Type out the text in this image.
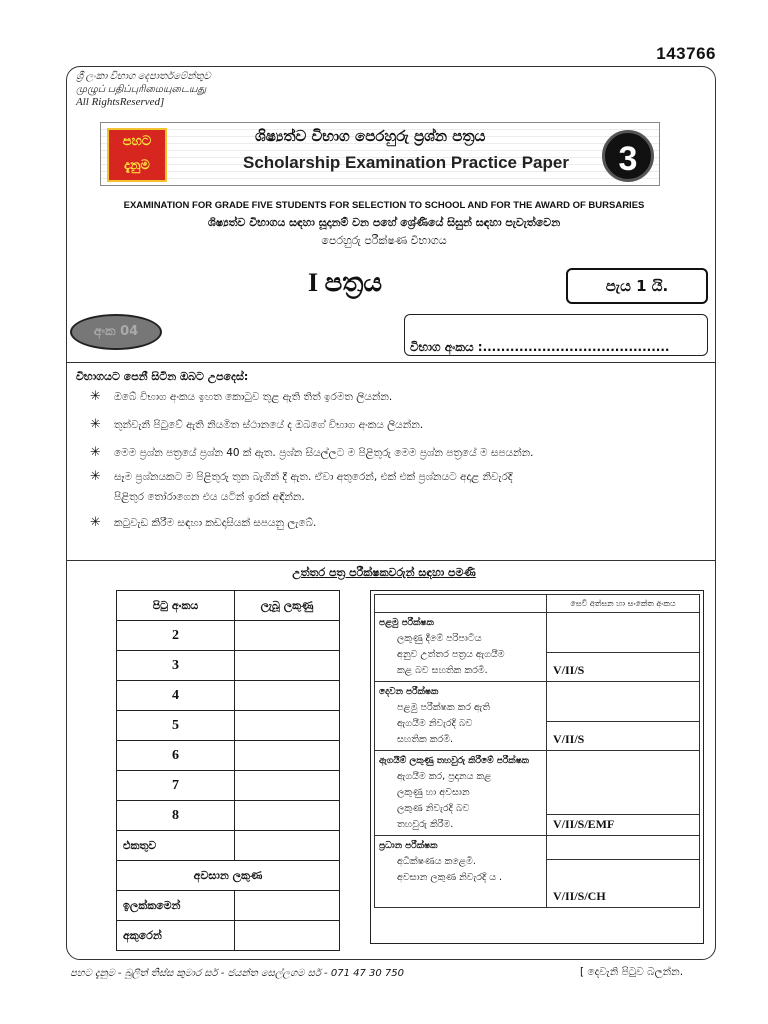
143766
ශ්‍රී ලංකා විභාග දෙපාර්තමේන්තුව
முழுப் பதிப்புரிமையுடையது
All RightsReserved]
පහට දැනුම
ශිෂ්‍යත්ව විභාග පෙරහුරු ප්‍රශ්න පත්‍රය
Scholarship Examination Practice Paper	3
EXAMINATION FOR GRADE FIVE STUDENTS FOR SELECTION TO SCHOOL AND FOR THE AWARD OF BURSARIES
ශිෂ්‍යත්ව විභාගය සඳහා සූදානම් වන පහේ ශ්‍රේණියේ සිසුන් සඳහා පැවැත්වෙන
පෙරහුරු පරීක්ෂණ විභාගය
I පත්‍රය	පැය 1 යි.
අංක 04
විභාග අංකය :.........................................
විභාගයට පෙනී සිටින ඔබට උපදෙස්:
✳ ඔබේ විභාග අංකය ඉහත කොටුව තුළ ඇති තිත් ඉරමත ලියන්න.
✳ තුන්වැනි පිටුවේ ඇති නියමිත ස්ථානයේ ද ඔබගේ විභාග අංකය ලියන්න.
✳ මෙම ප්‍රශ්න පත්‍රයේ ප්‍රශ්න 40 ක් ඇත. ප්‍රශ්න සියල්ලට ම පිළිතුරු මෙම ප්‍රශ්න පත්‍රයේ ම සපයන්න.
✳ සෑම ප්‍රශ්නයකට ම පිළිතුරු තුන බැගින් දී ඇත. ඒවා අතුරෙන්, එක් එක් ප්‍රශ්නයට අදාළ නිවැරදි
පිළිතුර තෝරාගෙන එය යටින් ඉරක් අඳින්න.
✳ කටුවැඩ කිරීම සඳහා කඩදාසියක් සපයනු ලැබේ.
උත්තර පත්‍ර පරීක්ෂකවරුන් සඳහා පමණි
පිටු අංකය	ලැබූ ලකුණු
2	
3	
4	
5	
6	
7	
8	
එකතුව	
අවසාන ලකුණ	
ඉලක්කමෙන්	
අකුරෙන්	
	සෙවි අත්සන හා සංකේත අංකය
පළමු පරීක්ෂක
ලකුණු දීමේ පරිපාටිය
අනුව උත්තර පත්‍රය ඇගයීම
කළ බව සහතික කරමි.	

	V/II/S
දෙවන පරීක්ෂක
පළමු පරීක්ෂක කර ඇති
ඇගයීම නිවැරදි බව
සහතික කරමි.	

	V/II/S
ඇගයීම් ලකුණු තහවුරු කිරීමේ පරීක්ෂක
ඇගයීම කර, ප්‍රදානය කළ
ලකුණු හා අවසාන
ලකුණ නිවැරදි බව
තහවුරු කිරීම.	

	V/II/S/EMF
ප්‍රධාන පරීක්ෂක
අධීක්ෂණය කළෙමි.
අවසාන ලකුණ නිවැරදි ය .	

	V/II/S/CH
පහට දැනුම - බුලිත් තිස්ස කුමාර සර් - ජයන්ත සෙල්ලගම සර් - 071 47 30 750	[ දෙවැනි පිටුව බලන්න.
